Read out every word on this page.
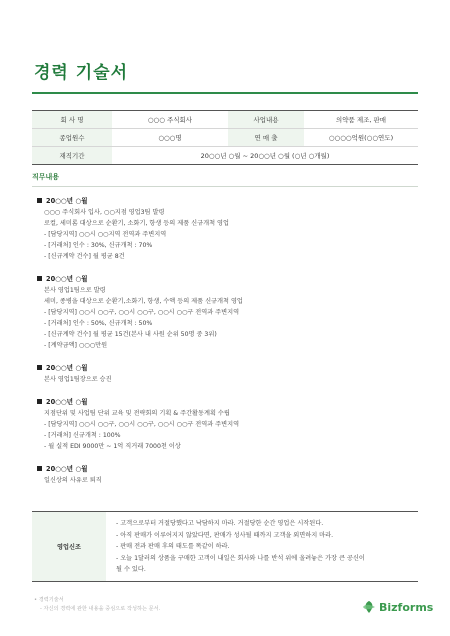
경력 기술서
회 사 명	○○○ 주식회사	사업내용	의약품 제조, 판매
종업원수	○○○명	연 매 출	○○○○억원(○○연도)
재직기간	20○○년 ○월 ~ 20○○년 ○월 (○년 ○개월)		
직무내용
20○○년 ○월
○○○ 주식회사 입사, ○○지점 영업3팀 발령
로컬, 세미롬 대상으로 순환기, 소화기, 항생 등의 제품 신규개척 영업
- [담당지역] ○○시 ○○지역 전역과 주변지역
- [거래처] 인수 : 30%, 신규개척 : 70%
- [신규계약 건수] 월 평균 8건
20○○년 ○월
본사 영업1팀으로 발령
세미, 종병을 대상으로 순환기,소화기, 항생, 수액 등의 제품 신규개척 영업
- [담당지역] ○○시 ○○구, ○○시 ○○구, ○○시 ○○구 전역과 주변지역
- [거래처] 인수 : 50%, 신규개척 : 50%
- [신규계약 건수] 월 평균 15건(본사 내 사원 순위 50명 중 3위)
- [계약금액] ○○○만원
20○○년 ○월
본사 영업1팀장으로 승진
20○○년 ○월
지점단위 및 사업팀 단위 교육 및 전략회의 기획 & 주간활동계획 수립
- [담당지역] ○○시 ○○구, ○○시 ○○구, ○○시 ○○구 전역과 주변지역
- [거래처] 신규개척 : 100%
- 월 실적 EDI 9000만 ~ 1억 직거래 7000천 이상
20○○년 ○월
일신상의 사유로 퇴직
영업신조	
- 고객으로부터 거절당했다고 낙담하지 마라. 거절당한 순간 영업은 시작된다.
- 아직 판매가 이루어지지 않았다면, 판매가 성사될 때까지 고객을 외면하지 마라.
- 판매 전과 판매 후의 태도를 똑같이 하라.
- 오늘 1달러의 상품을 구매한 고객이 내일은 회사와 나를 반석 위에 올려놓은 가장 큰 공신이
될 수 있다.
• 경력기술서
- 자신의 경력에 관한 내용을 중심으로 작성하는 문서.	Bizforms
